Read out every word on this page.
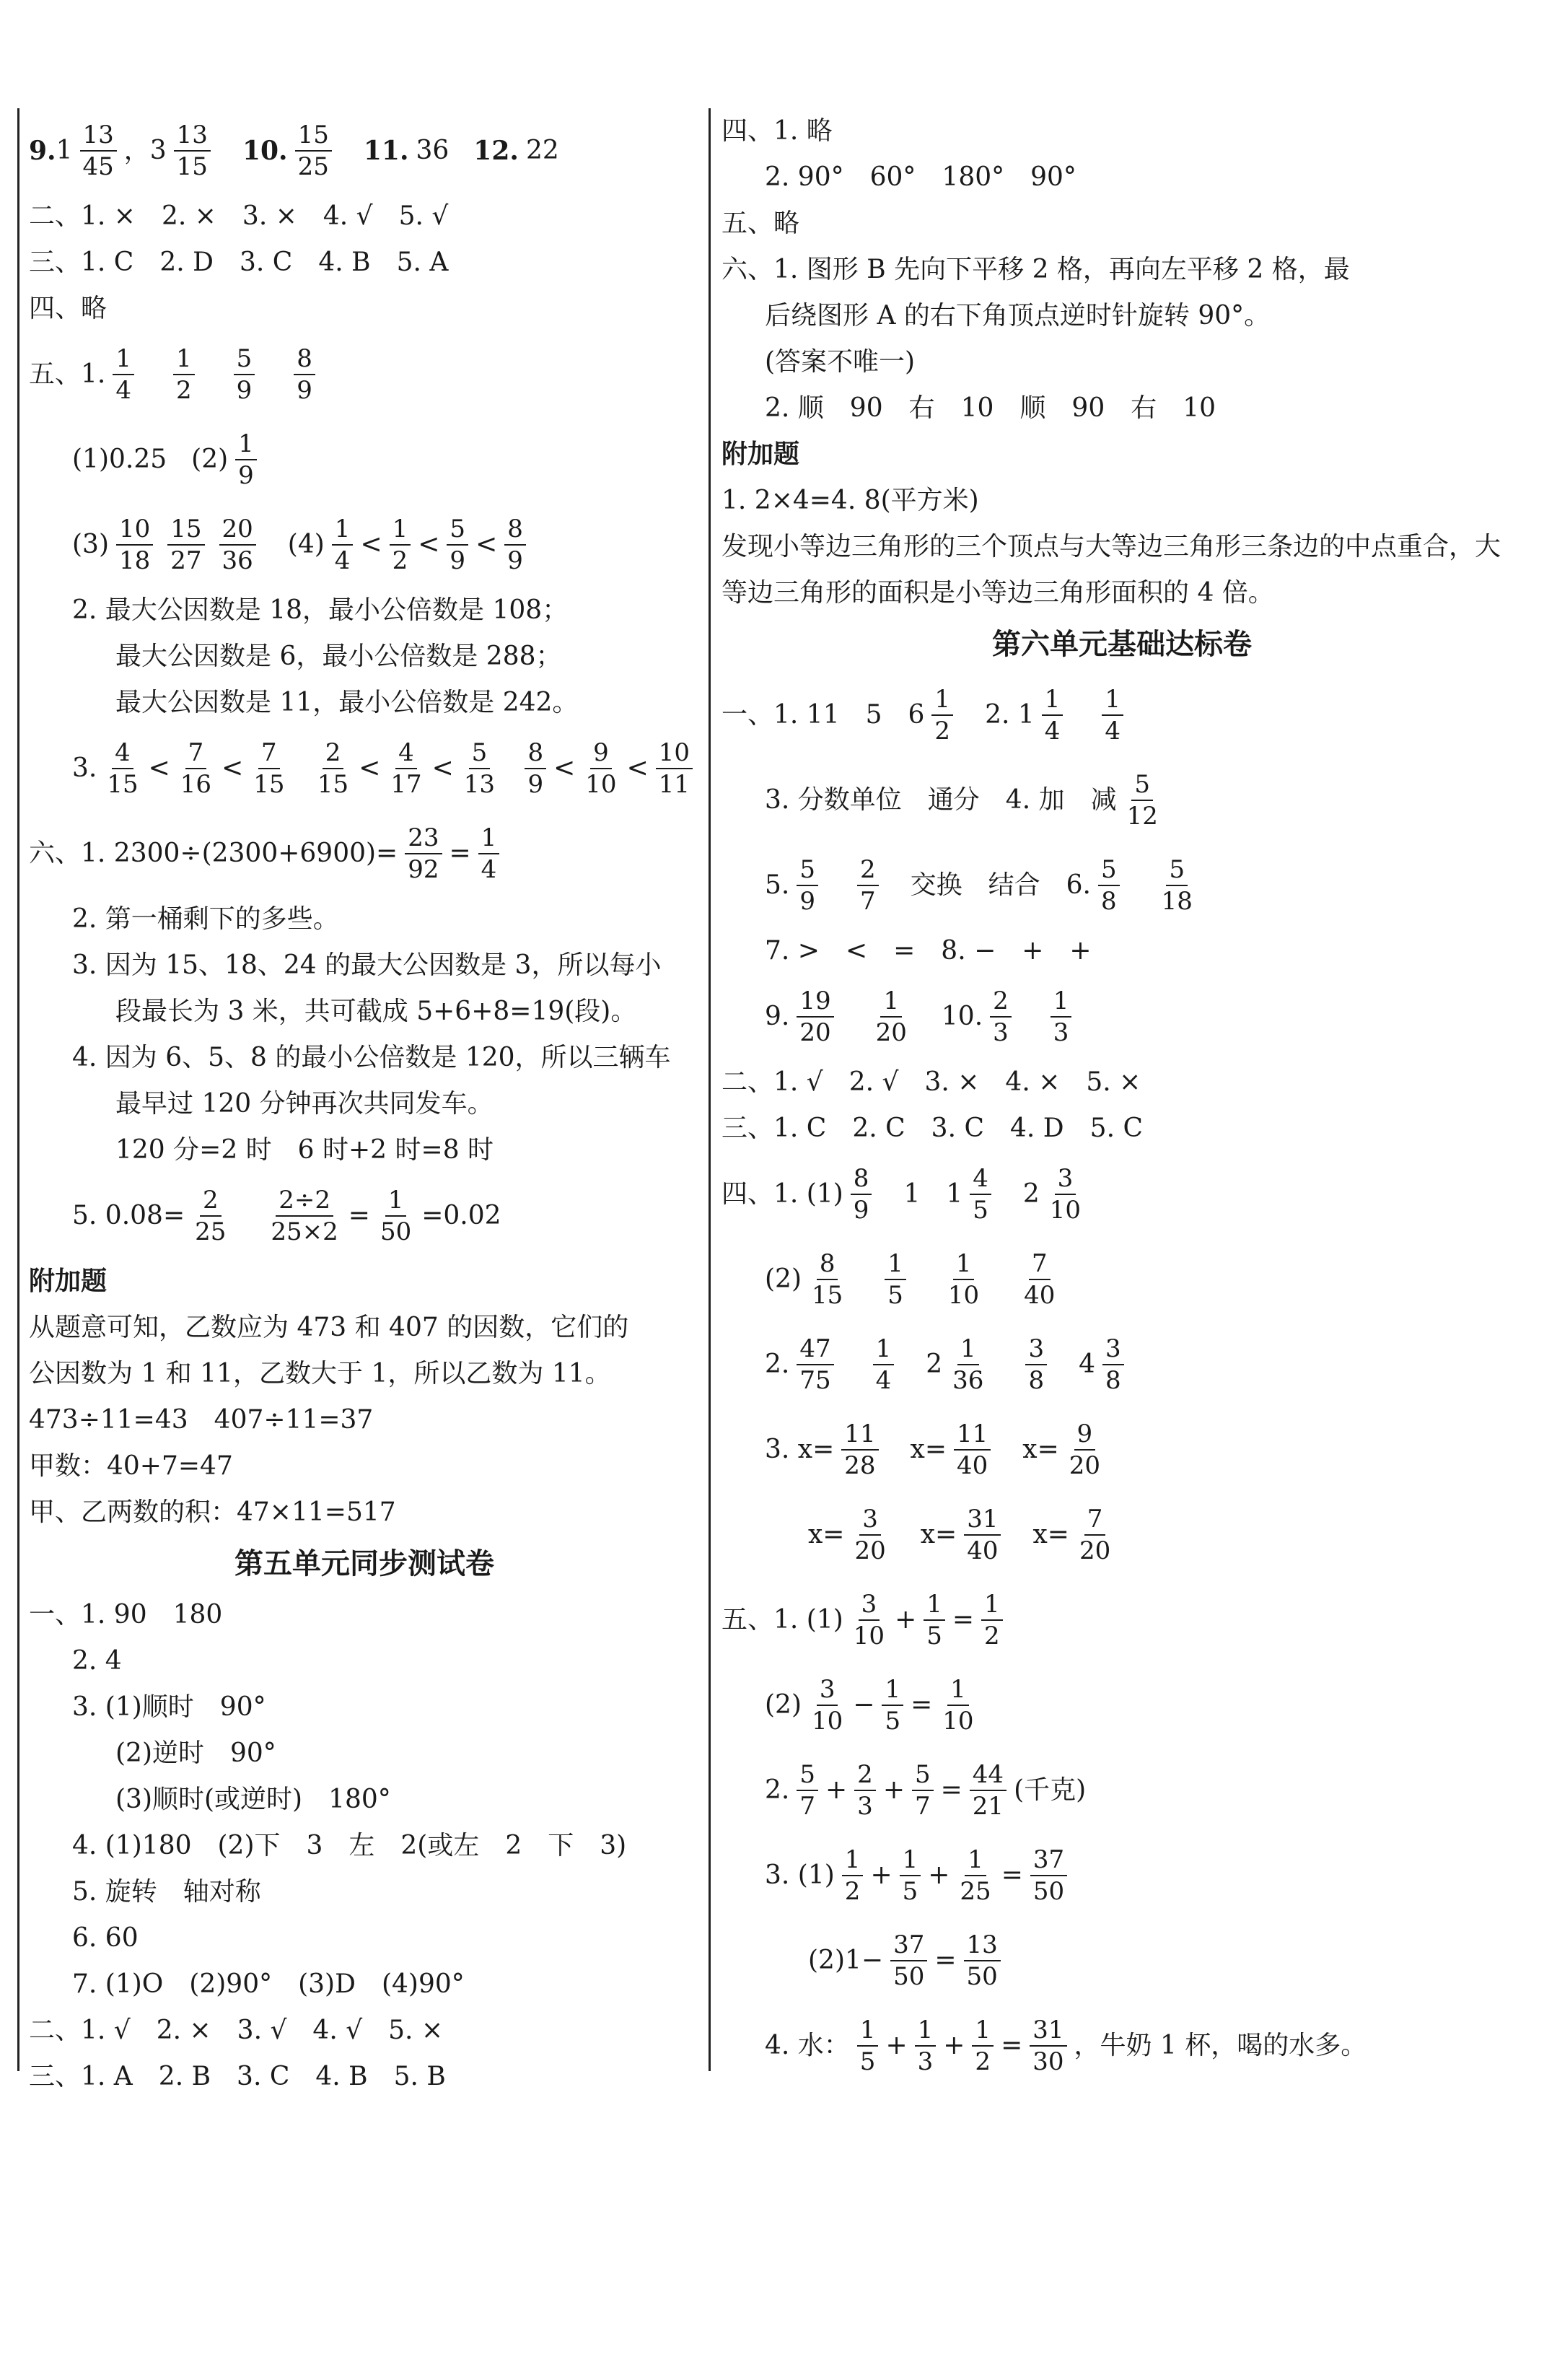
9. $1 \frac{13}{45}$ ，$3 \frac{13}{15} 10$. $\frac{15}{25} 11$. 36 12. 22
二、1. ×　2. ×　3. ×　4. √　5. √
三、1. C　2. D　3. C　4. B　5. A
四、略
五、1. $\frac{1}{4} \frac{1}{2} \frac{5}{9} \frac{8}{9}$
(1)0.25 $(2) \frac{1}{9}$
$(3) \frac{10}{18} \frac{15}{27} \frac{20}{36} (4) \frac{1}{4} < \frac{1}{2} < \frac{5}{9} < \frac{8}{9}$
2. 最大公因数是 18，最小公倍数是 108；
最大公因数是 6，最小公倍数是 288；
最大公因数是 11，最小公倍数是 242。
3. $\frac{4}{15} < \frac{7}{16} < \frac{7}{15} \frac{2}{15} < \frac{4}{17} < \frac{5}{13} \frac{8}{9} < \frac{9}{10} < \frac{10}{11}$
六、1. $2300\div(2300+6900)= \frac{23}{92} = \frac{1}{4}$
2. 第一桶剩下的多些。
3. 因为 15、18、24 的最大公因数是 3，所以每小
段最长为 3 米，共可截成 5+6+8=19(段)。
4. 因为 6、5、8 的最小公倍数是 120，所以三辆车
最早过 120 分钟再次共同发车。
120 分=2 时　6 时+2 时=8 时
5. $0.08= \frac{2}{25} \frac{2\div 2}{25\times 2} = \frac{1}{50} =0.02$
附加题
从题意可知，乙数应为 473 和 407 的因数，它们的
公因数为 1 和 11，乙数大于 1，所以乙数为 11。
473÷11=43　407÷11=37
甲数：40+7=47
甲、乙两数的积：47×11=517
第五单元同步测试卷
一、1. 90　180
2. 4
3. (1)顺时　90°
(2)逆时　90°
(3)顺时(或逆时)　180°
4. (1)180　(2)下　3　左　2(或左　2　下　3)
5. 旋转　轴对称
6. 60
7. (1)O　(2)90°　(3)D　(4)90°
二、1. √　2. ×　3. √　4. √　5. ×
三、1. A　2. B　3. C　4. B　5. B
四、1. 略
2. 90°　60°　180°　90°
五、略
六、1. 图形 B 先向下平移 2 格，再向左平移 2 格，最
后绕图形 A 的右下角顶点逆时针旋转 90°。
(答案不唯一)
2. 顺　90　右　10　顺　90　右　10
附加题
1. 2×4=4. 8(平方米)
发现小等边三角形的三个顶点与大等边三角形三条边的中点重合，大等边三角形的面积是小等边三角形面积的 4 倍。
第六单元基础达标卷
一、1. 11　5　$6 \frac{1}{2} 2$. $1 \frac{1}{4} \frac{1}{4}$
3. 分数单位　通分　4. 加　减 $\frac{5}{12}$
5. $\frac{5}{9} \frac{2}{7}$ 交换　结合　6. $\frac{5}{8} \frac{5}{18}$
7. >　<　=　8. −　+　+
9. $\frac{19}{20} \frac{1}{20} 10$. $\frac{2}{3} \frac{1}{3}$
二、1. √　2. √　3. ×　4. ×　5. ×
三、1. C　2. C　3. C　4. D　5. C
四、1. $(1) \frac{8}{9} 1$　$1 \frac{4}{5} 2 \frac{3}{10}$
$(2) \frac{8}{15} \frac{1}{5} \frac{1}{10} \frac{7}{40}$
2. $\frac{47}{75} \frac{1}{4} 2 \frac{1}{36} \frac{3}{8} 4 \frac{3}{8}$
3. $x= \frac{11}{28} x= \frac{11}{40} x= \frac{9}{20}$
$x= \frac{3}{20} x= \frac{31}{40} x= \frac{7}{20}$
五、1. $(1) \frac{3}{10} + \frac{1}{5} = \frac{1}{2}$
$(2) \frac{3}{10} - \frac{1}{5} = \frac{1}{10}$
2. $\frac{5}{7} + \frac{2}{3} + \frac{5}{7} = \frac{44}{21}$ (千克)
3. $(1) \frac{1}{2} + \frac{1}{5} + \frac{1}{25} = \frac{37}{50}$
$(2)1- \frac{37}{50} = \frac{13}{50}$
4. 水： $\frac{1}{5} + \frac{1}{3} + \frac{1}{2} = \frac{31}{30}$ ，牛奶 1 杯，喝的水多。
